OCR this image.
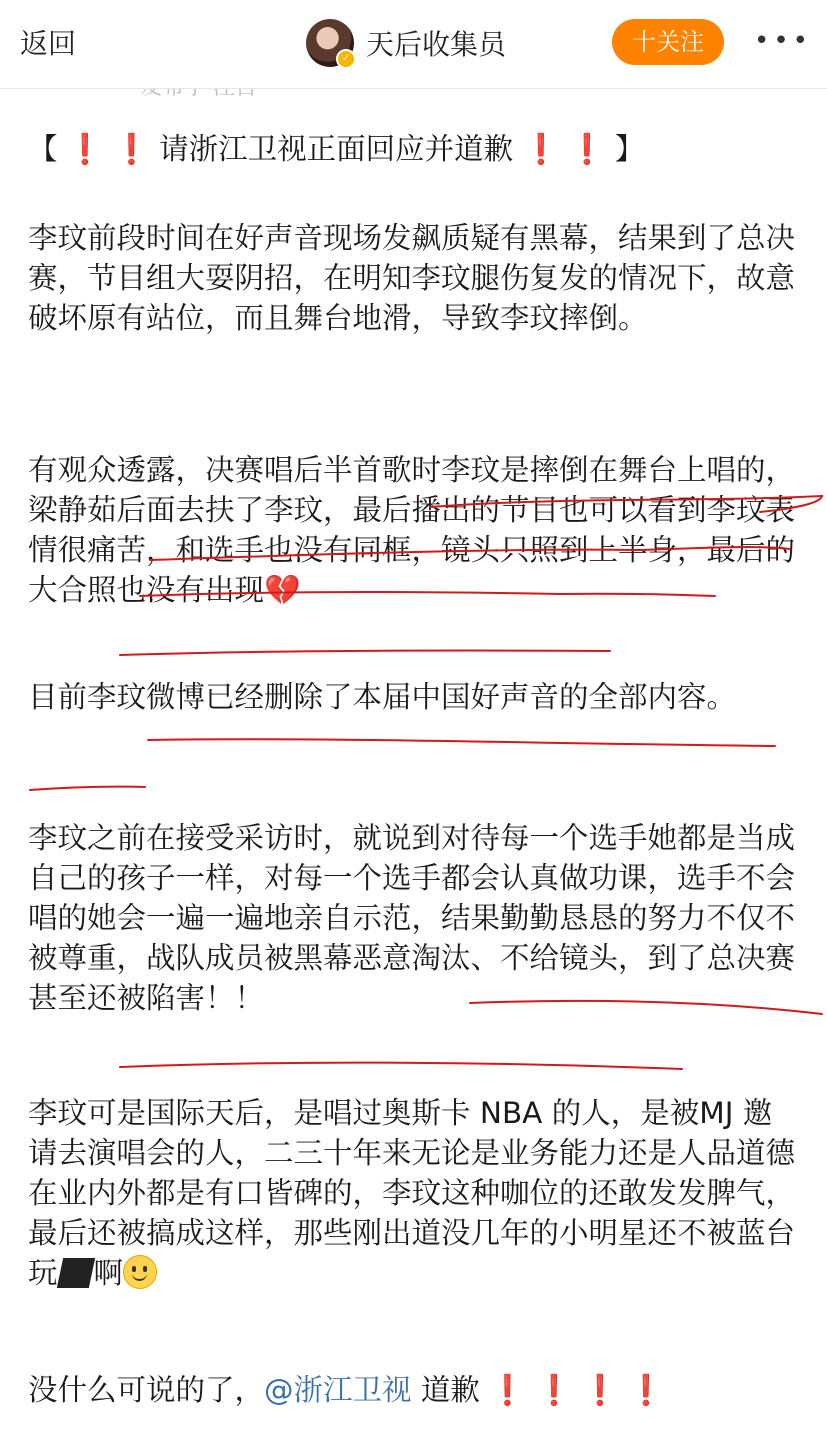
返回	✓ 天后收集员	十关注	•••
【 ❗ ❗ 请浙江卫视正面回应并道歉 ❗ ❗ 】

李玟前段时间在好声音现场发飙质疑有黑幕，结果到了总决赛，节目组大耍阴招，在明知李玟腿伤复发的情况下，故意破坏原有站位，而且舞台地滑，导致李玟摔倒。

有观众透露，决赛唱后半首歌时李玟是摔倒在舞台上唱的，梁静茹后面去扶了李玟，最后播出的节目也可以看到李玟表情很痛苦，和选手也没有同框，镜头只照到上半身，最后的大合照也没有出现💔

目前李玟微博已经删除了本届中国好声音的全部内容。

李玟之前在接受采访时，就说到对待每一个选手她都是当成自己的孩子一样，对每一个选手都会认真做功课，选手不会唱的她会一遍一遍地亲自示范，结果勤勤恳恳的努力不仅不被尊重，战队成员被黑幕恶意淘汰、不给镜头，到了总决赛甚至还被陷害！！

李玟可是国际天后，是唱过奥斯卡 NBA 的人，是被MJ 邀请去演唱会的人，二三十年来无论是业务能力还是人品道德在业内外都是有口皆碑的，李玟这种咖位的还敢发发脾气，最后还被搞成这样，那些刚出道没几年的小明星还不被蓝台玩 啊

没什么可说的了，@浙江卫视 道歉 ❗ ❗ ❗ ❗
